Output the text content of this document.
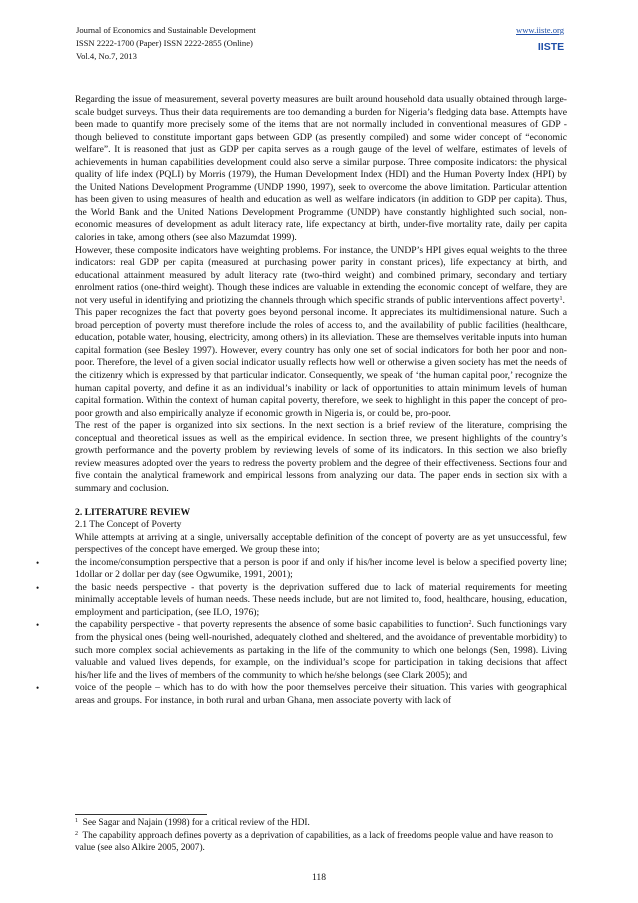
Journal of Economics and Sustainable Development
ISSN 2222-1700 (Paper) ISSN 2222-2855 (Online)
Vol.4, No.7, 2013
www.iiste.org
IISTE

Regarding the issue of measurement, several poverty measures are built around household data usually obtained through large-scale budget surveys. Thus their data requirements are too demanding a burden for Nigeria’s fledging data base. Attempts have been made to quantify more precisely some of the items that are not normally included in conventional measures of GDP - though believed to constitute important gaps between GDP (as presently compiled) and some wider concept of “economic welfare”. It is reasoned that just as GDP per capita serves as a rough gauge of the level of welfare, estimates of levels of achievements in human capabilities development could also serve a similar purpose. Three composite indicators: the physical quality of life index (PQLI) by Morris (1979), the Human Development Index (HDI) and the Human Poverty Index (HPI) by the United Nations Development Programme (UNDP 1990, 1997), seek to overcome the above limitation. Particular attention has been given to using measures of health and education as well as welfare indicators (in addition to GDP per capita). Thus, the World Bank and the United Nations Development Programme (UNDP) have constantly highlighted such social, non-economic measures of development as adult literacy rate, life expectancy at birth, under-five mortality rate, daily per capita calories in take, among others (see also Mazumdat 1999).

However, these composite indicators have weighting problems. For instance, the UNDP’s HPI gives equal weights to the three indicators: real GDP per capita (measured at purchasing power parity in constant prices), life expectancy at birth, and educational attainment measured by adult literacy rate (two-third weight) and combined primary, secondary and tertiary enrolment ratios (one-third weight). Though these indices are valuable in extending the economic concept of welfare, they are not very useful in identifying and priotizing the channels through which specific strands of public interventions affect poverty$^1$.

This paper recognizes the fact that poverty goes beyond personal income. It appreciates its multidimensional nature. Such a broad perception of poverty must therefore include the roles of access to, and the availability of public facilities (healthcare, education, potable water, housing, electricity, among others) in its alleviation. These are themselves veritable inputs into human capital formation (see Besley 1997). However, every country has only one set of social indicators for both her poor and non-poor. Therefore, the level of a given social indicator usually reflects how well or otherwise a given society has met the needs of the citizenry which is expressed by that particular indicator. Consequently, we speak of ‘the human capital poor,’ recognize the human capital poverty, and define it as an individual’s inability or lack of opportunities to attain minimum levels of human capital formation. Within the context of human capital poverty, therefore, we seek to highlight in this paper the concept of pro-poor growth and also empirically analyze if economic growth in Nigeria is, or could be, pro-poor.

The rest of the paper is organized into six sections. In the next section is a brief review of the literature, comprising the conceptual and theoretical issues as well as the empirical evidence. In section three, we present highlights of the country’s growth performance and the poverty problem by reviewing levels of some of its indicators. In this section we also briefly review measures adopted over the years to redress the poverty problem and the degree of their effectiveness. Sections four and five contain the analytical framework and empirical lessons from analyzing our data. The paper ends in section six with a summary and coclusion.

2. LITERATURE REVIEW

2.1 The Concept of Poverty

While attempts at arriving at a single, universally acceptable definition of the concept of poverty are as yet unsuccessful, few perspectives of the concept have emerged. We group these into;

•	the income/consumption perspective that a person is poor if and only if his/her income level is below a specified poverty line; 1dollar or 2 dollar per day (see Ogwumike, 1991, 2001);
•	the basic needs perspective - that poverty is the deprivation suffered due to lack of material requirements for meeting minimally acceptable levels of human needs. These needs include, but are not limited to, food, healthcare, housing, education, employment and participation, (see ILO, 1976);
•	the capability perspective - that poverty represents the absence of some basic capabilities to function$^2$. Such functionings vary from the physical ones (being well-nourished, adequately clothed and sheltered, and the avoidance of preventable morbidity) to such more complex social achievements as partaking in the life of the community to which one belongs (Sen, 1998). Living valuable and valued lives depends, for example, on the individual’s scope for participation in taking decisions that affect his/her life and the lives of members of the community to which he/she belongs (see Clark 2005); and
•	voice of the people – which has to do with how the poor themselves perceive their situation. This varies with geographical areas and groups. For instance, in both rural and urban Ghana, men associate poverty with lack of

$^1$ See Sagar and Najain (1998) for a critical review of the HDI.

$^2$ The capability approach defines poverty as a deprivation of capabilities, as a lack of freedoms people value and have reason to value (see also Alkire 2005, 2007).

118
